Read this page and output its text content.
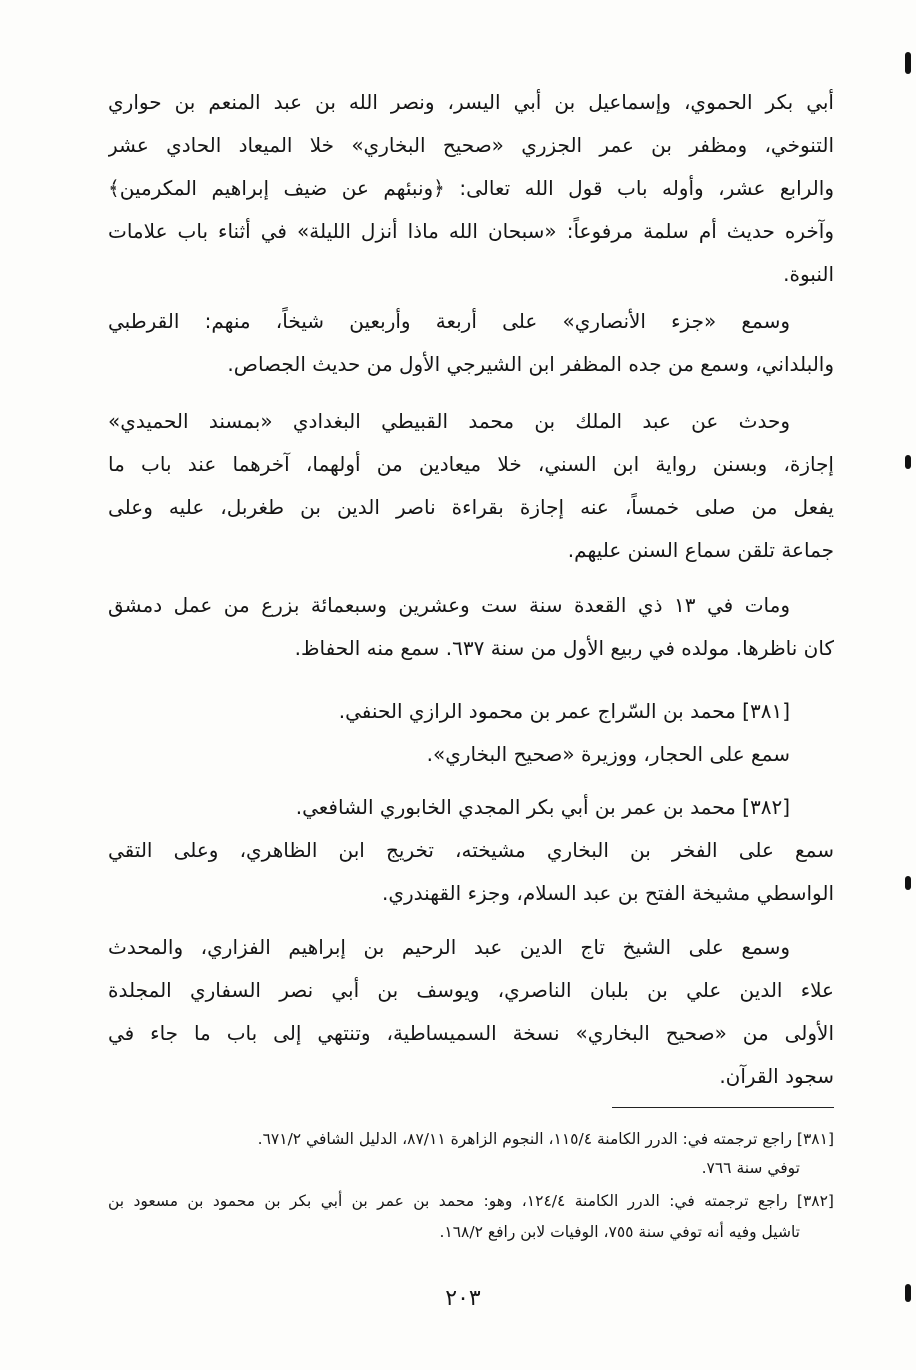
أبي بكر الحموي، وإسماعيل بن أبي اليسر، ونصر الله بن عبد المنعم بن حواري
التنوخي، ومظفر بن عمر الجزري «صحيح البخاري» خلا الميعاد الحادي عشر
والرابع عشر، وأوله باب قول الله تعالى: ﴿ونبئهم عن ضيف إبراهيم المكرمين﴾
وآخره حديث أم سلمة مرفوعاً: «سبحان الله ماذا أنزل الليلة» في أثناء باب علامات
النبوة.
وسمع «جزء الأنصاري» على أربعة وأربعين شيخاً، منهم: القرطبي
والبلداني، وسمع من جده المظفر ابن الشيرجي الأول من حديث الجصاص.
وحدث عن عبد الملك بن محمد القبيطي البغدادي «بمسند الحميدي»
إجازة، وبسنن رواية ابن السني، خلا ميعادين من أولهما، آخرهما عند باب ما
يفعل من صلى خمساً، عنه إجازة بقراءة ناصر الدين بن طغربل، عليه وعلى
جماعة تلقن سماع السنن عليهم.
ومات في ١٣ ذي القعدة سنة ست وعشرين وسبعمائة بزرع من عمل دمشق
كان ناظرها. مولده في ربيع الأول من سنة ٦٣٧. سمع منه الحفاظ.
[٣٨١] محمد بن السّراج عمر بن محمود الرازي الحنفي.
سمع على الحجار، ووزيرة «صحيح البخاري».
[٣٨٢] محمد بن عمر بن أبي بكر المجدي الخابوري الشافعي.
سمع على الفخر بن البخاري مشيخته، تخريج ابن الظاهري، وعلى التقي
الواسطي مشيخة الفتح بن عبد السلام، وجزء القهندري.
وسمع على الشيخ تاج الدين عبد الرحيم بن إبراهيم الفزاري، والمحدث
علاء الدين علي بن بلبان الناصري، ويوسف بن أبي نصر السفاري المجلدة
الأولى من «صحيح البخاري» نسخة السميساطية، وتنتهي إلى باب ما جاء في
سجود القرآن.
[٣٨١] راجع ترجمته في: الدرر الكامنة ١١٥/٤، النجوم الزاهرة ٨٧/١١، الدليل الشافي ٦٧١/٢.
توفي سنة ٧٦٦.
[٣٨٢] راجع ترجمته في: الدرر الكامنة ١٢٤/٤، وهو: محمد بن عمر بن أبي بكر بن محمود بن مسعود بن
تاشيل وفيه أنه توفي سنة ٧٥٥، الوفيات لابن رافع ١٦٨/٢.
٢٠٣
